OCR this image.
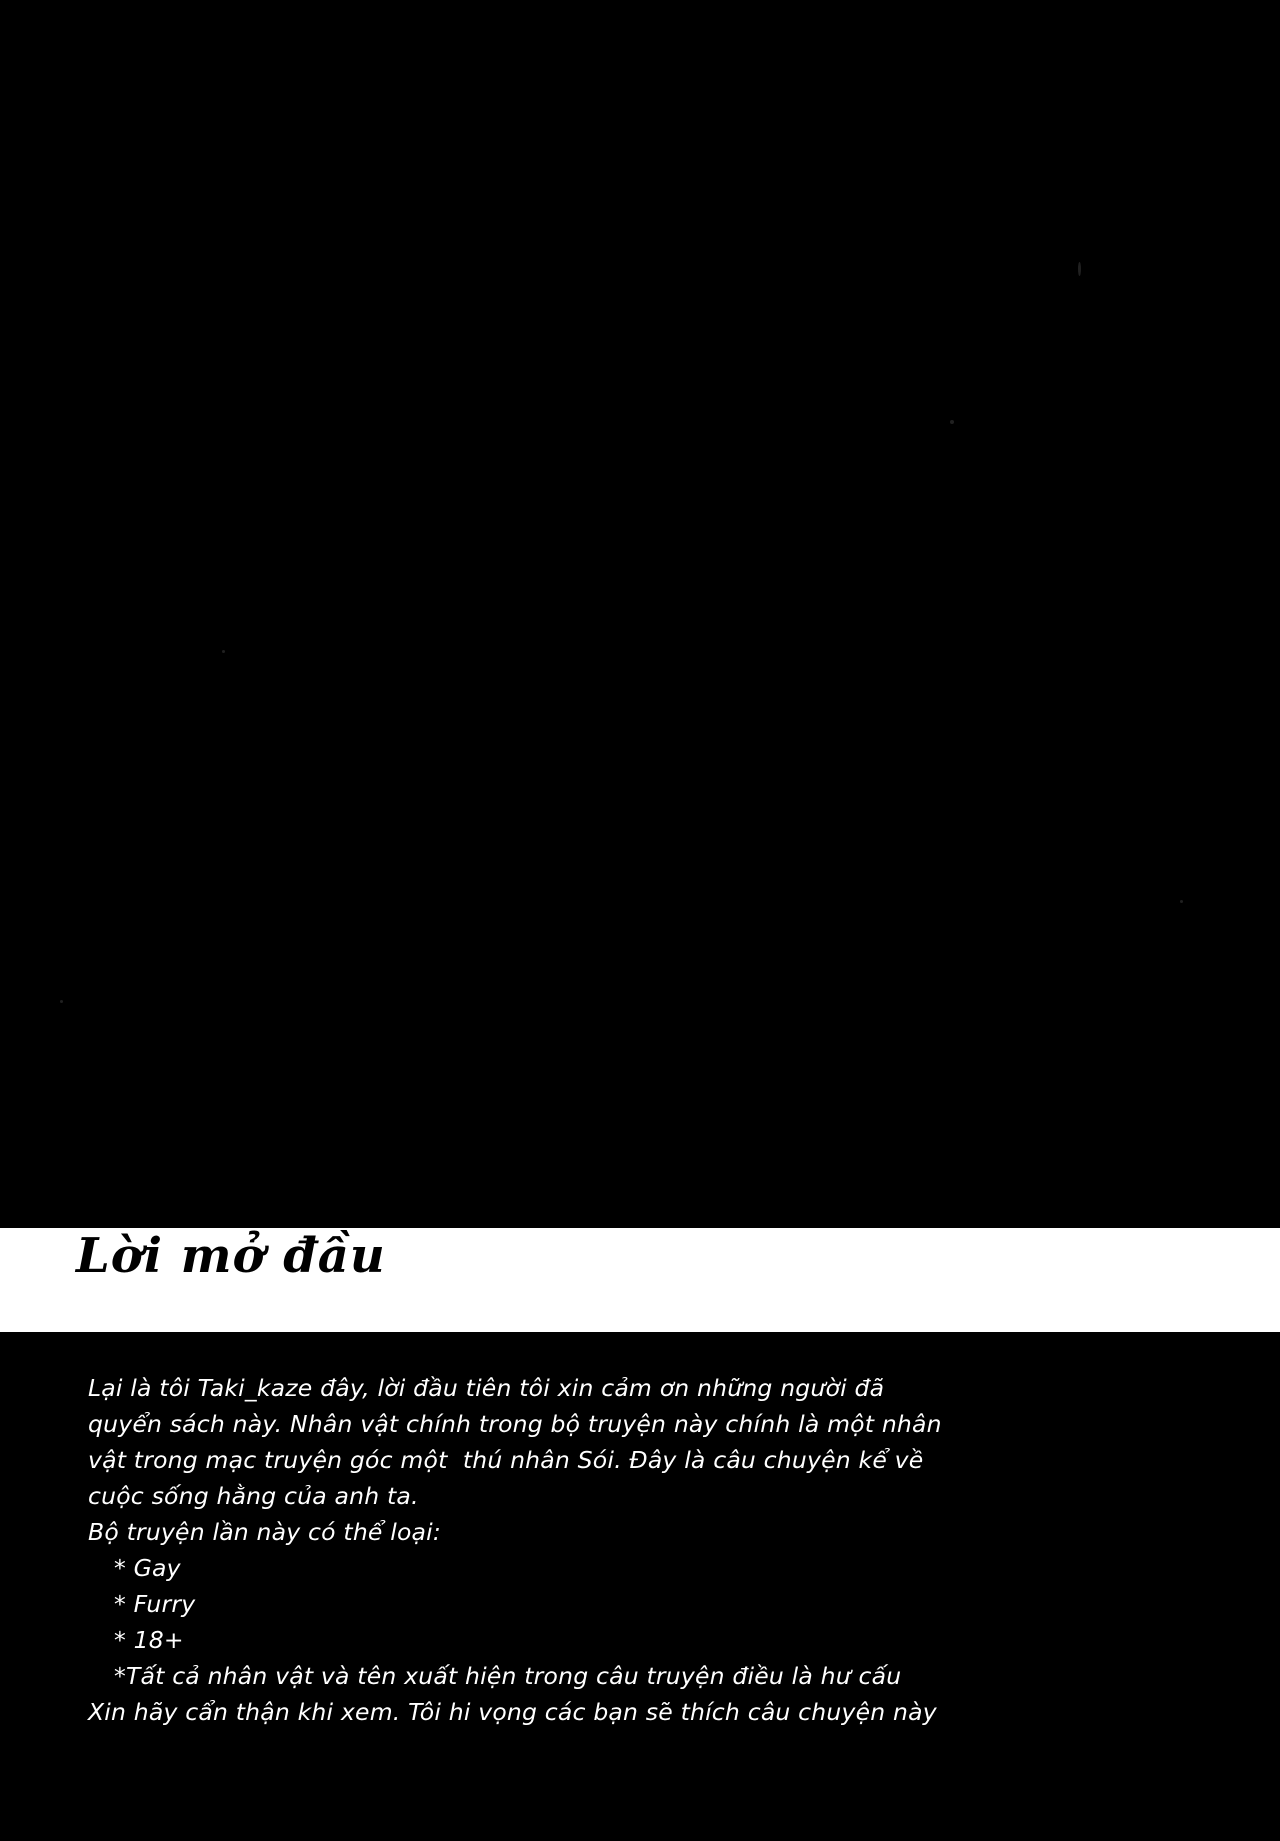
Lời mở đầu
Lại là tôi Taki_kaze đây, lời đầu tiên tôi xin cảm ơn những người đã
quyển sách này. Nhân vật chính trong bộ truyện này chính là một nhân
vật trong mạc truyện góc một  thú nhân Sói. Đây là câu chuyện kể về
cuộc sống hằng của anh ta.
Bộ truyện lần này có thể loại:
* Gay
* Furry
* 18+
*Tất cả nhân vật và tên xuất hiện trong câu truyện điều là hư cấu
Xin hãy cẩn thận khi xem. Tôi hi vọng các bạn sẽ thích câu chuyện này
